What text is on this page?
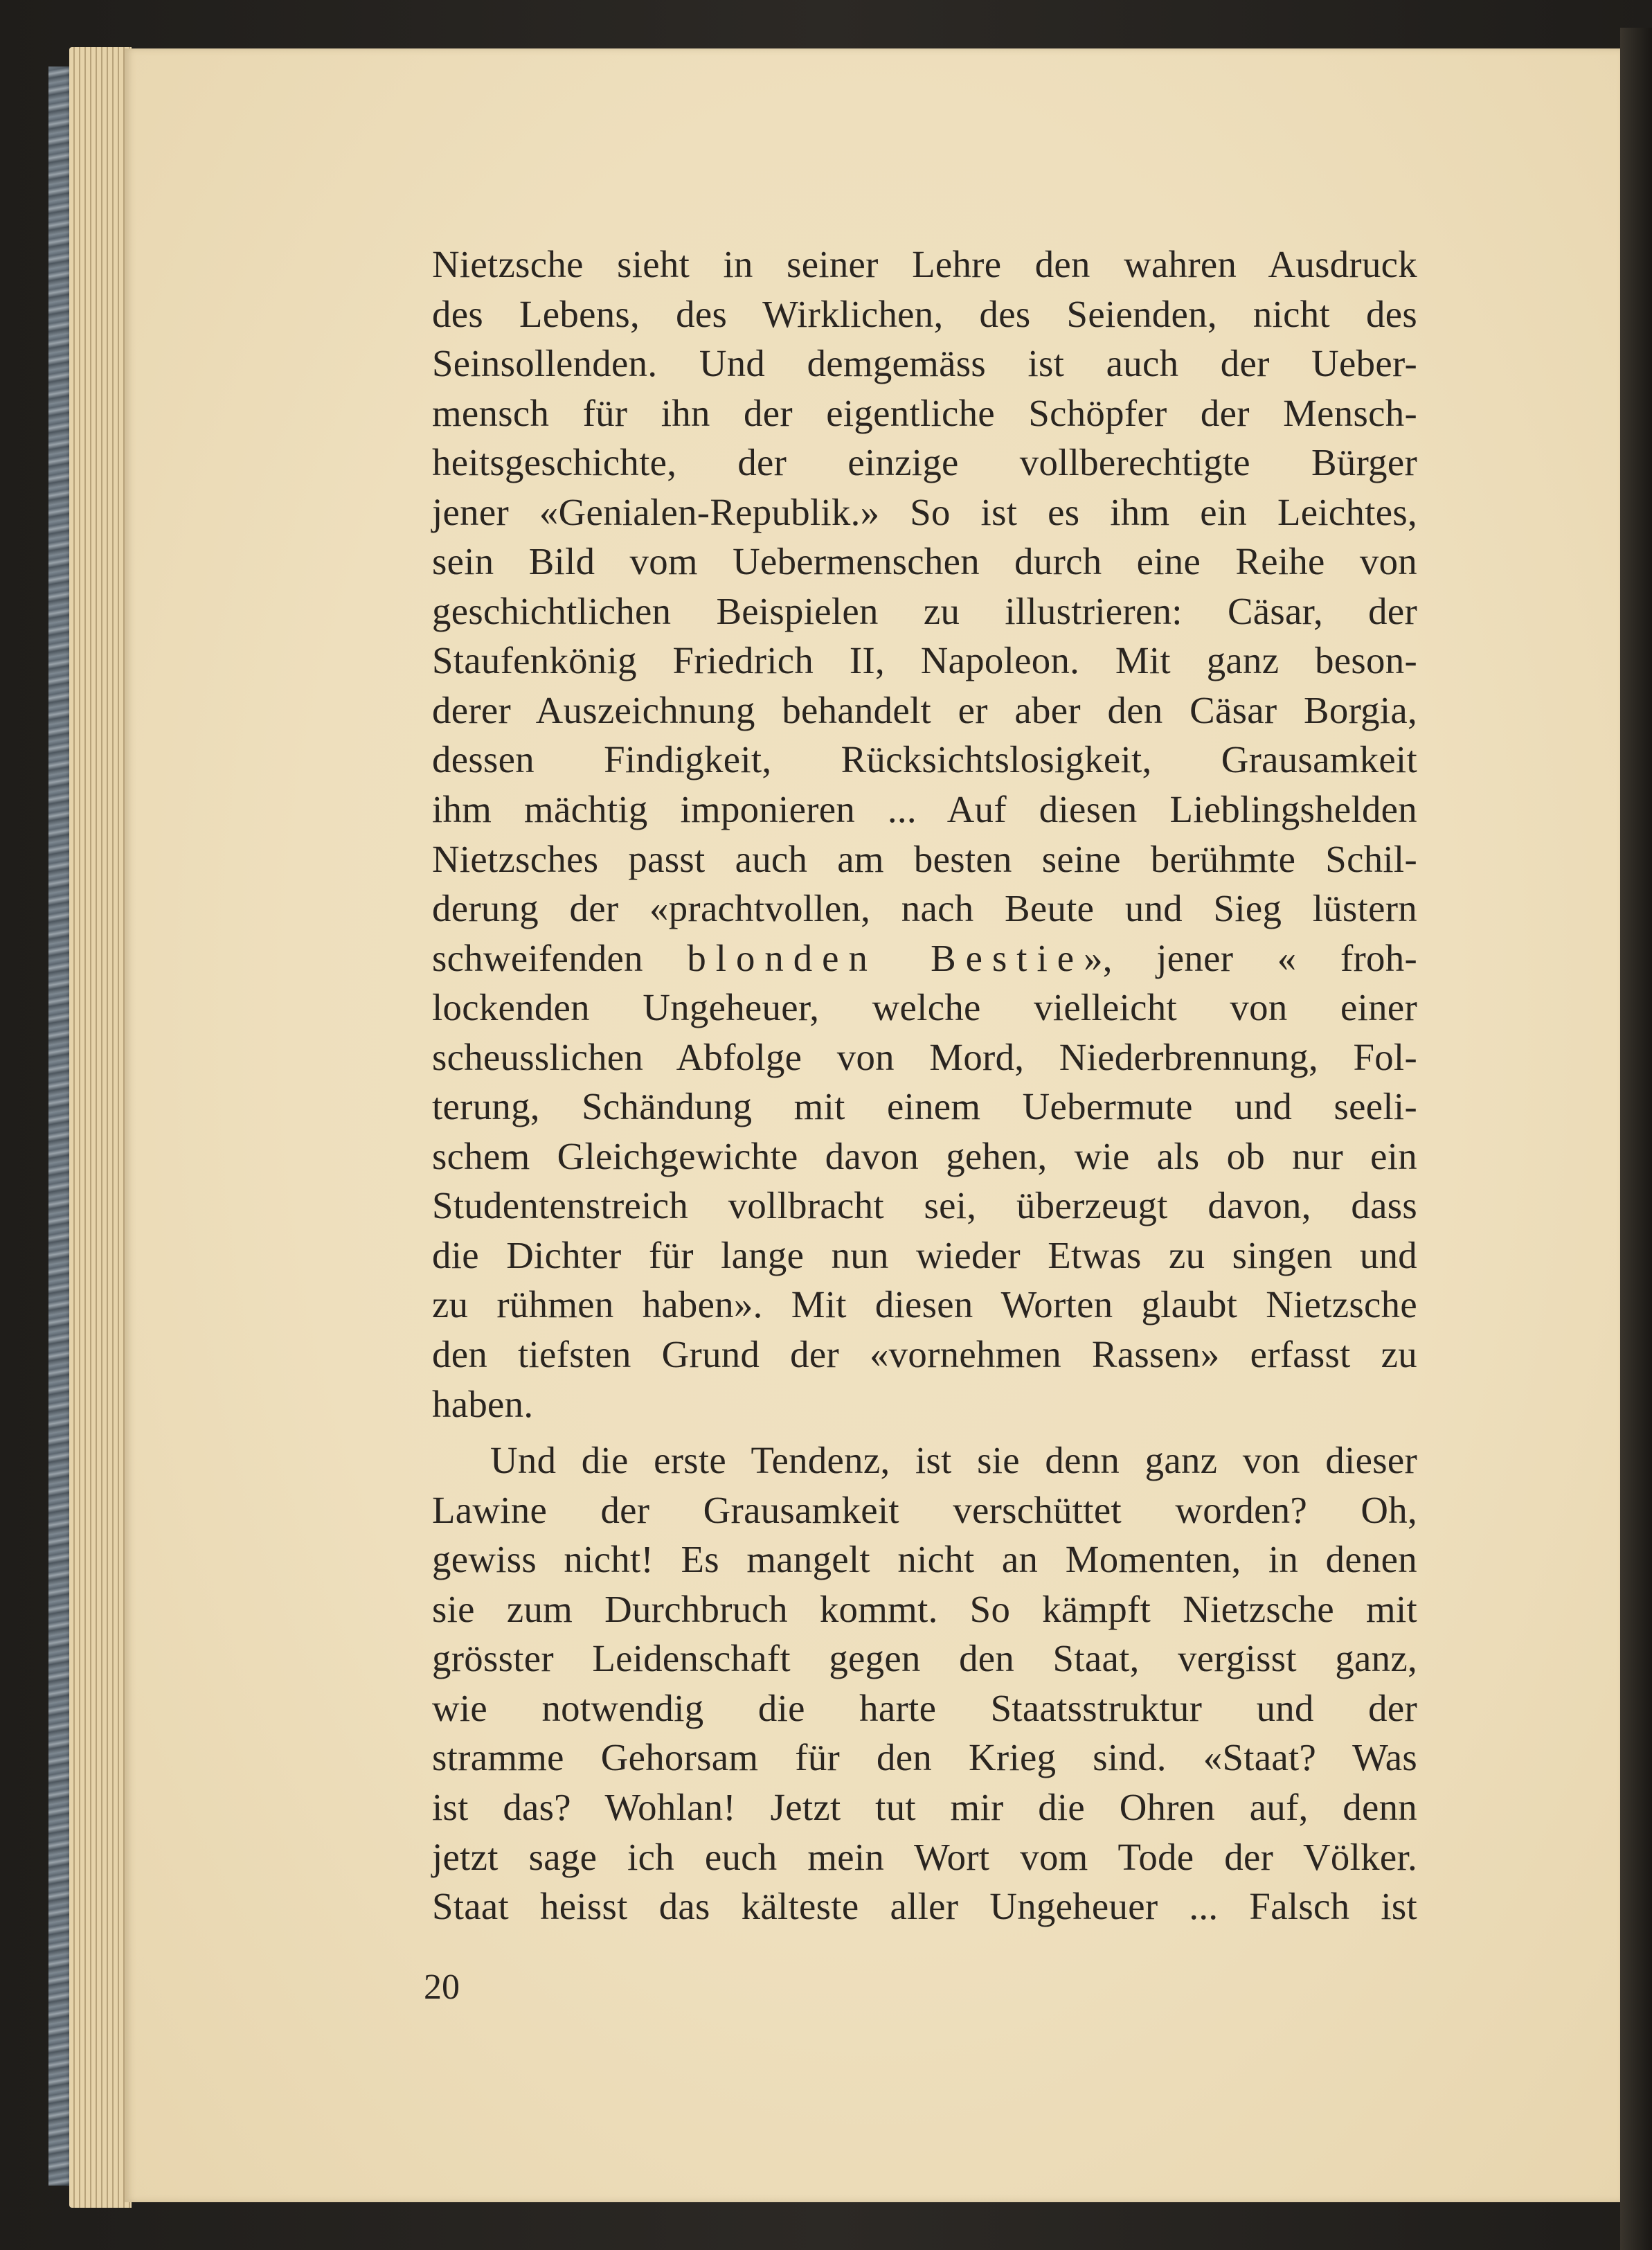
Nietzsche sieht in seiner Lehre den wahren Ausdruck
des Lebens, des Wirklichen, des Seienden, nicht des
Seinsollenden. Und demgemäss ist auch der Ueber-
mensch für ihn der eigentliche Schöpfer der Mensch-
heitsgeschichte, der einzige vollberechtigte Bürger
jener «Genialen-Republik.» So ist es ihm ein Leichtes,
sein Bild vom Uebermenschen durch eine Reihe von
geschichtlichen Beispielen zu illustrieren: Cäsar, der
Staufenkönig Friedrich II, Napoleon. Mit ganz beson-
derer Auszeichnung behandelt er aber den Cäsar Borgia,
dessen Findigkeit, Rücksichtslosigkeit, Grausamkeit
ihm mächtig imponieren ... Auf diesen Lieblingshelden
Nietzsches passt auch am besten seine berühmte Schil-
derung der «prachtvollen, nach Beute und Sieg lüstern
schweifenden blonden Bestie», jener « froh-
lockenden Ungeheuer, welche vielleicht von einer
scheusslichen Abfolge von Mord, Niederbrennung, Fol-
terung, Schändung mit einem Uebermute und seeli-
schem Gleichgewichte davon gehen, wie als ob nur ein
Studentenstreich vollbracht sei, überzeugt davon, dass
die Dichter für lange nun wieder Etwas zu singen und
zu rühmen haben». Mit diesen Worten glaubt Nietzsche
den tiefsten Grund der «vornehmen Rassen» erfasst zu
haben.

Und die erste Tendenz, ist sie denn ganz von dieser
Lawine der Grausamkeit verschüttet worden? Oh,
gewiss nicht! Es mangelt nicht an Momenten, in denen
sie zum Durchbruch kommt. So kämpft Nietzsche mit
grösster Leidenschaft gegen den Staat, vergisst ganz,
wie notwendig die harte Staatsstruktur und der
stramme Gehorsam für den Krieg sind. «Staat? Was
ist das? Wohlan! Jetzt tut mir die Ohren auf, denn
jetzt sage ich euch mein Wort vom Tode der Völker.
Staat heisst das kälteste aller Ungeheuer ... Falsch ist

20
